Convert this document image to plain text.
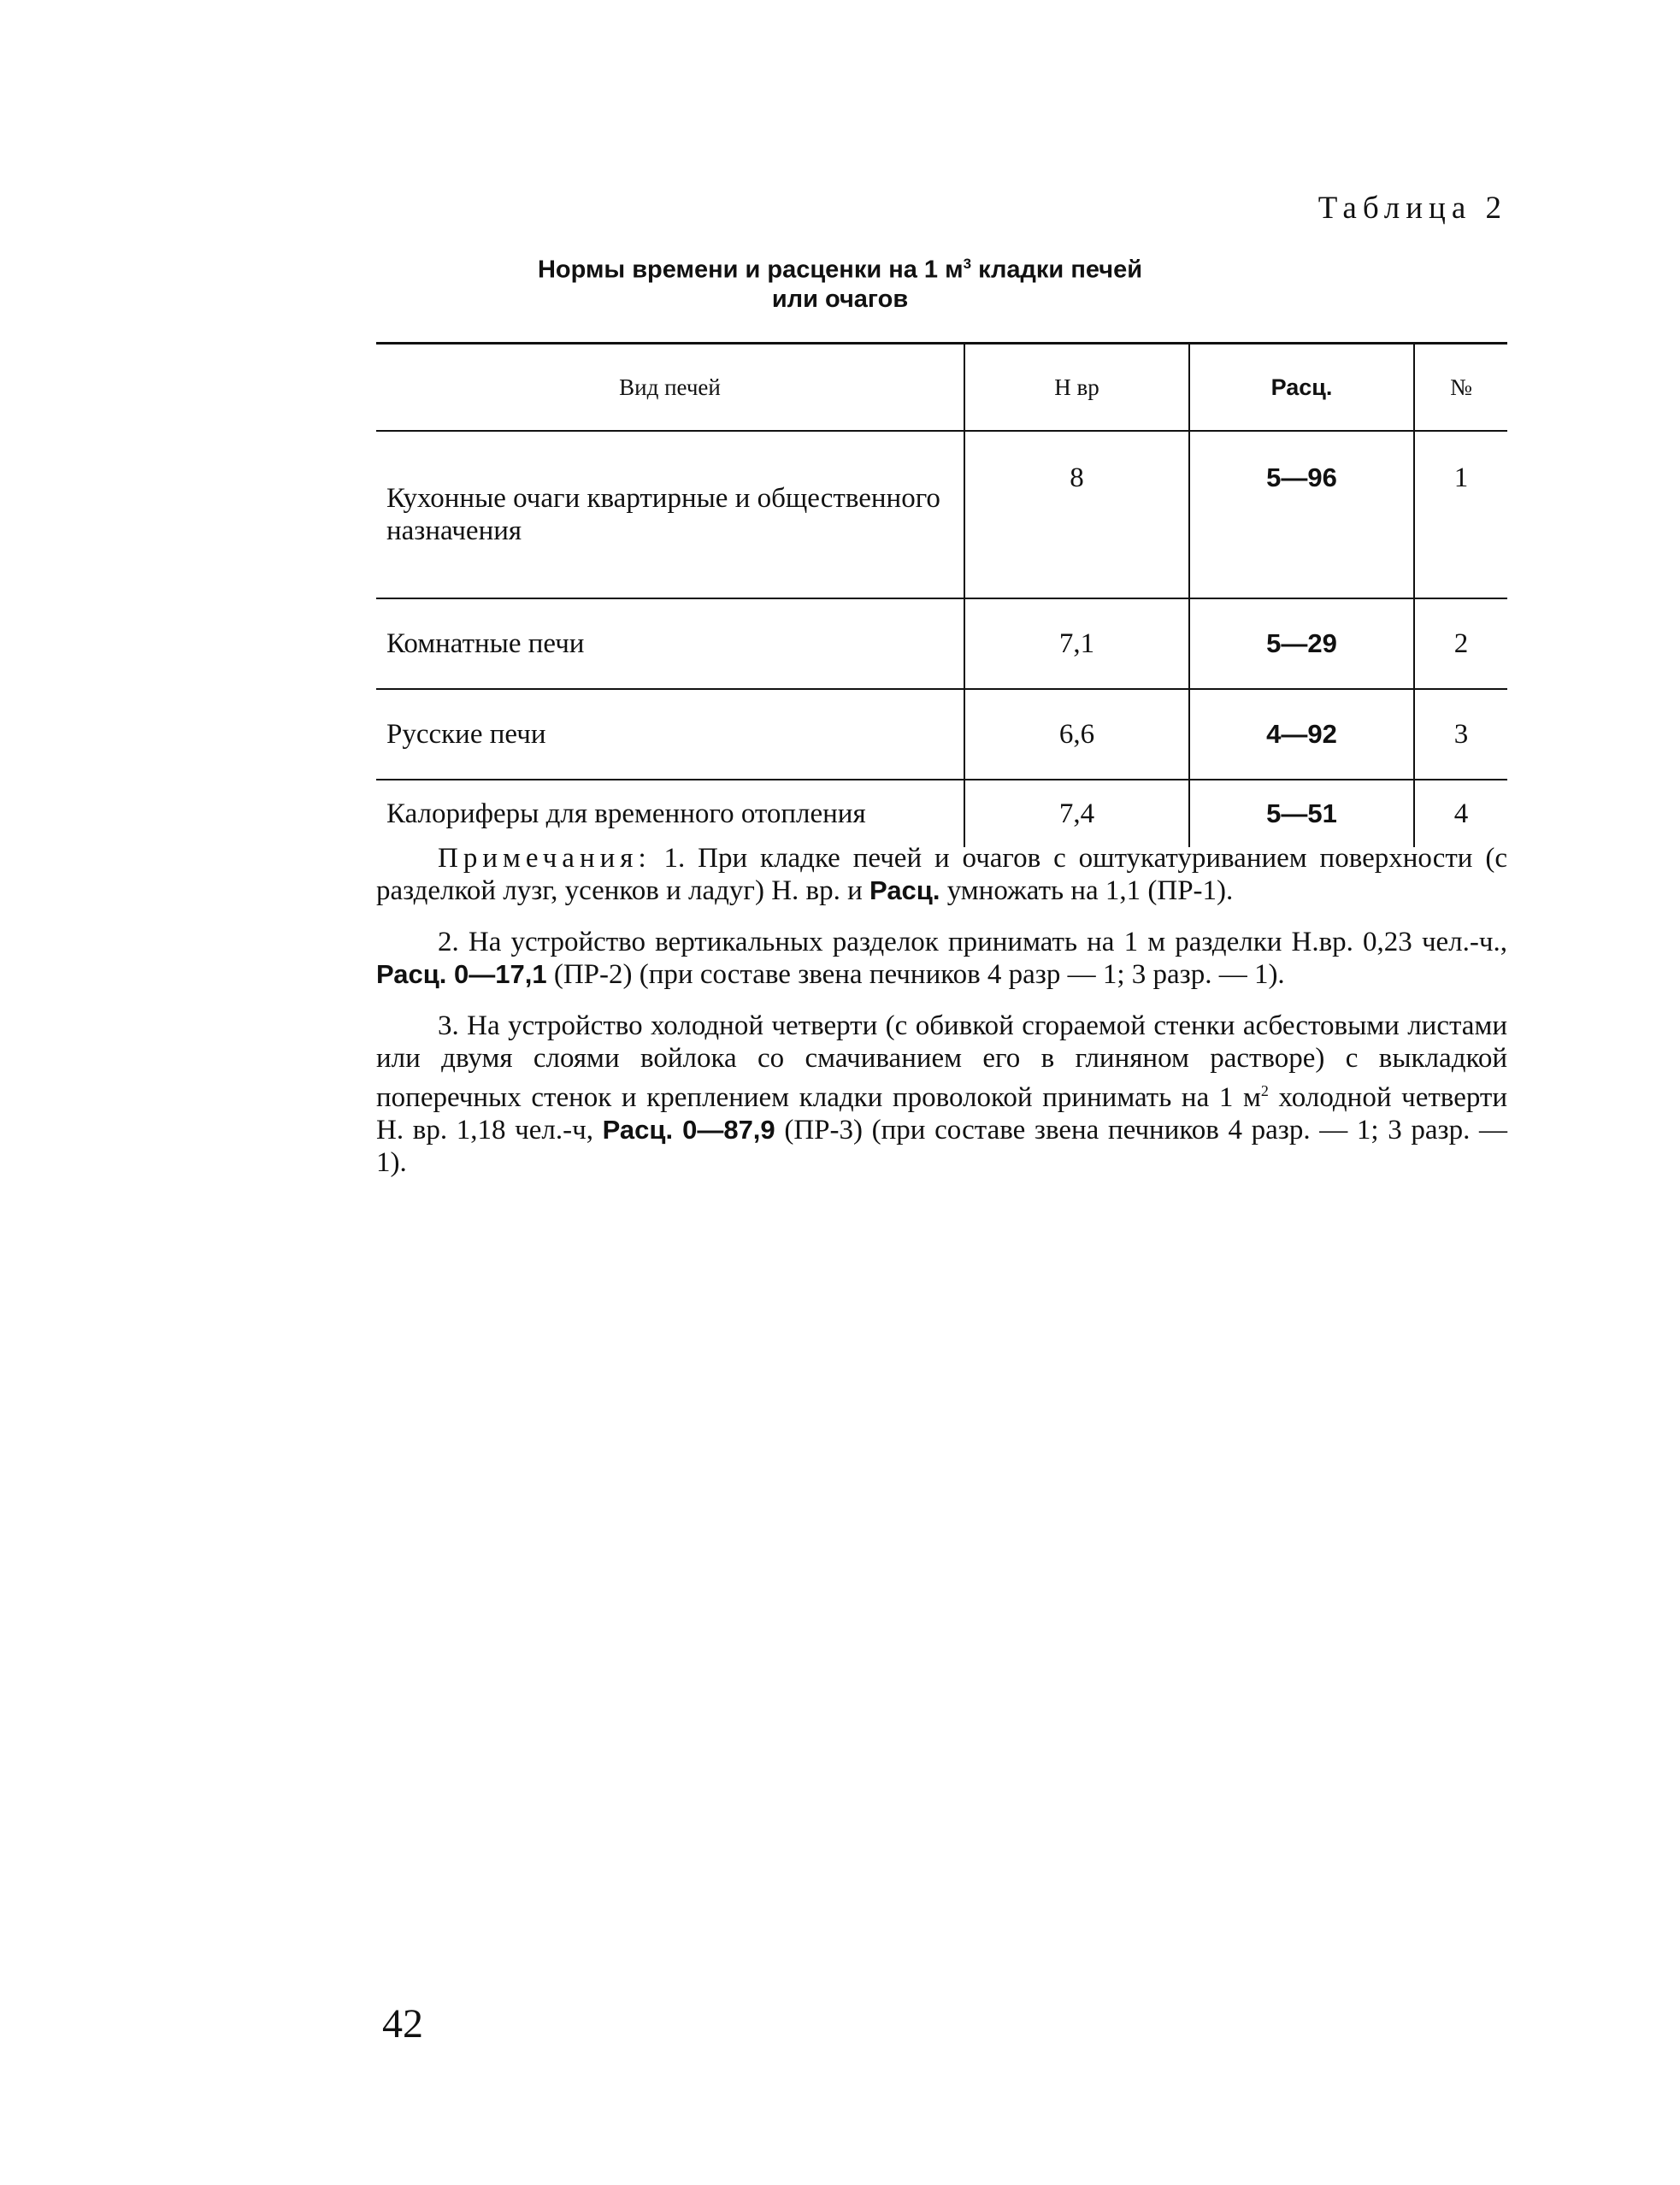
Таблица 2
Нормы времени и расценки на 1 $м^3$ кладки печей
или очагов
Вид печей	Н вр	Расц.	№
Кухонные очаги квартирные и общественного назначения	8	5—96	1
Комнатные печи	7,1	5—29	2
Русские печи	6,6	4—92	3
Калориферы для временного отопления	7,4	5—51	4

Примечания: 1. При кладке печей и очагов с оштукатуриванием поверхности (с разделкой лузг, усенков и ладуг) Н. вр. и Расц. умножать на 1,1 (ПР-1).

2. На устройство вертикальных разделок принимать на 1 м разделки Н.вр. 0,23 чел.-ч., Расц. 0—17,1 (ПР-2) (при составе звена печников 4 разр — 1; 3 разр. — 1).

3. На устройство холодной четверти (с обивкой сгораемой стенки асбестовыми листами или двумя слоями войлока со смачиванием его в глиняном растворе) с выкладкой поперечных стенок и креплением кладки проволокой принимать на 1 $м^2$ холодной четверти Н. вр. 1,18 чел.-ч, Расц. 0—87,9 (ПР-3) (при составе звена печников 4 разр. — 1; 3 разр. — 1).

42
